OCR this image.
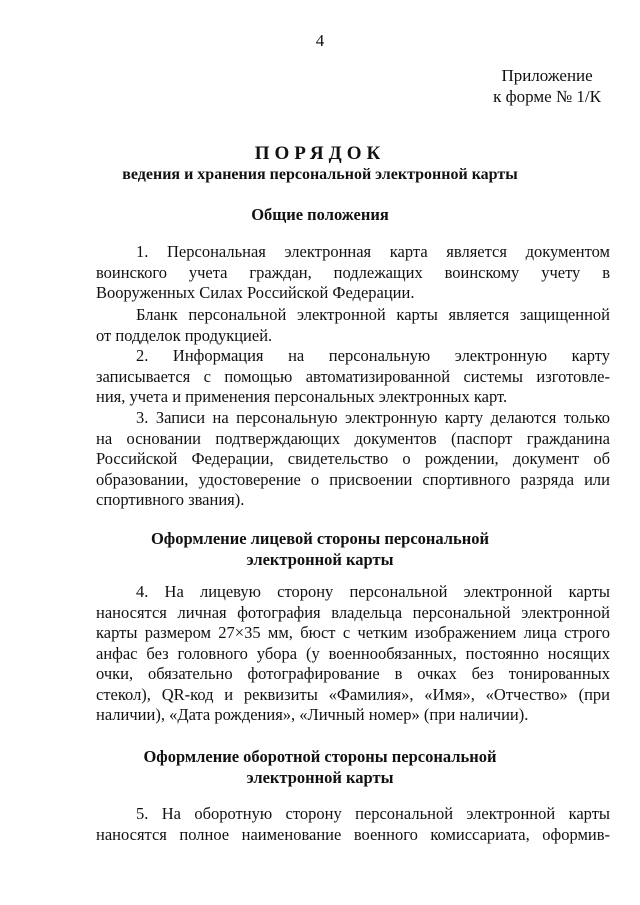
4
Приложение
к форме № 1/К
ПОРЯДОК
ведения и хранения персональной электронной карты
Общие положения
1. Персональная электронная карта является документом
воинского учета граждан, подлежащих воинскому учету в
Вооруженных Силах Российской Федерации.
Бланк персональной электронной карты является защищенной
от подделок продукцией.
2. Информация на персональную электронную карту
записывается с помощью автоматизированной системы изготовле-
ния, учета и применения персональных электронных карт.
3. Записи на персональную электронную карту делаются только
на основании подтверждающих документов (паспорт гражданина
Российской Федерации, свидетельство о рождении, документ об
образовании, удостоверение о присвоении спортивного разряда или
спортивного звания).
Оформление лицевой стороны персональной
электронной карты
4. На лицевую сторону персональной электронной карты
наносятся личная фотография владельца персональной электронной
карты размером 27×35 мм, бюст с четким изображением лица строго
анфас без головного убора (у военнообязанных, постоянно носящих
очки, обязательно фотографирование в очках без тонированных
стекол), QR-код и реквизиты «Фамилия», «Имя», «Отчество» (при
наличии), «Дата рождения», «Личный номер» (при наличии).
Оформление оборотной стороны персональной
электронной карты
5. На оборотную сторону персональной электронной карты
наносятся полное наименование военного комиссариата, оформив-
